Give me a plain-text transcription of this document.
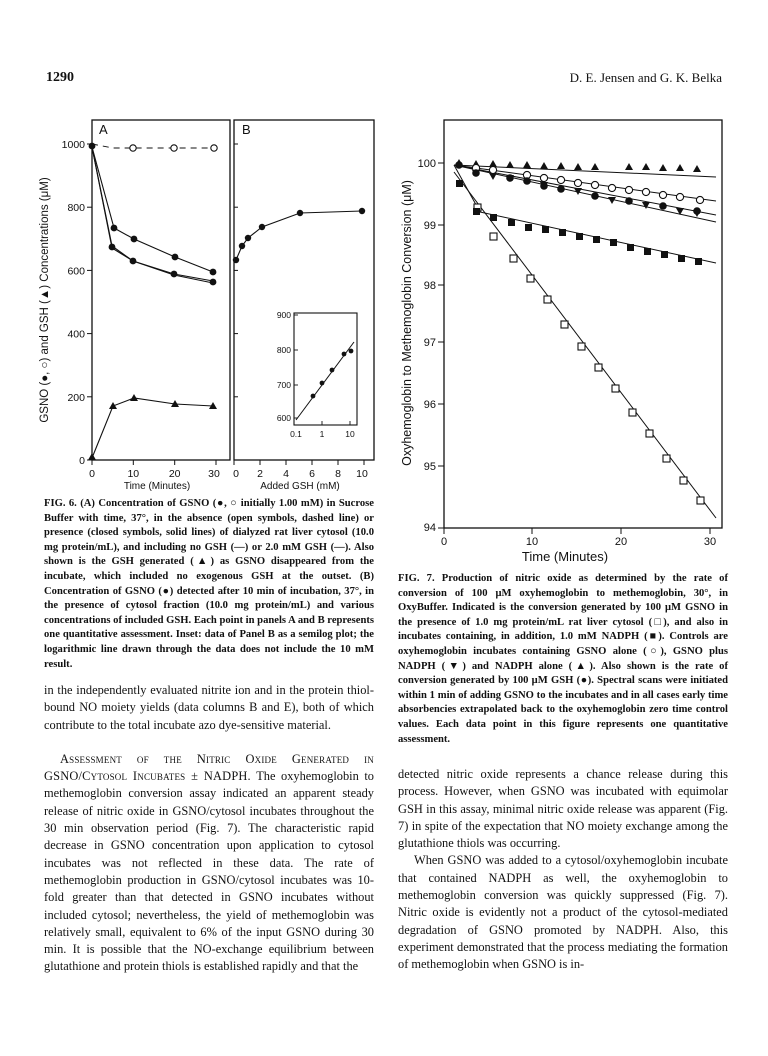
1290	D. E. Jensen and G. K. Belka
GSNO (●, ○) and GSH (▲) Concentrations (μM)
A
0
200
400
600
800
1000
0	10	20	30
Time (Minutes)
B
0 2 4 6 8 10
Added GSH (mM)
600
700
800
900
0.1 1 10
FIG. 6. (A) Concentration of GSNO (●, ○ initially 1.00 mM) in Sucrose Buffer with time, 37°, in the absence (open symbols, dashed line) or presence (closed symbols, solid lines) of dialyzed rat liver cytosol (10.0 mg protein/mL), and including no GSH (—) or 2.0 mM GSH (—). Also shown is the GSH generated (▲) as GSNO disappeared from the incubate, which included no exogenous GSH at the outset. (B) Concentration of GSNO (●) detected after 10 min of incubation, 37°, in the presence of cytosol fraction (10.0 mg protein/mL) and various concentrations of included GSH. Each point in panels A and B represents one quantitative assessment. Inset: data of Panel B as a semilog plot; the logarithmic line drawn through the data does not include the 10 mM result.
Oxyhemoglobin to Methemoglobin Conversion (μM)
94
95
96
97
98
99
100
0	10	20	30
Time (Minutes)
FIG. 7. Production of nitric oxide as determined by the rate of conversion of 100 μM oxyhemoglobin to methemoglobin, 30°, in OxyBuffer. Indicated is the conversion generated by 100 μM GSNO in the presence of 1.0 mg protein/mL rat liver cytosol (□), and also in incubates containing, in addition, 1.0 mM NADPH (■). Controls are oxyhemoglobin incubates containing GSNO alone (○), GSNO plus NADPH (▼) and NADPH alone (▲). Also shown is the rate of conversion generated by 100 μM GSH (●). Spectral scans were initiated within 1 min of adding GSNO to the incubates and in all cases early time absorbencies extrapolated back to the oxyhemoglobin zero time control values. Each data point in this figure represents one quantitative assessment.

in the independently evaluated nitrite ion and in the protein thiol-bound NO moiety yields (data columns B and E), both of which contribute to the total incubate azo dye-sensitive material.

Assessment of the Nitric Oxide Generated in GSNO/Cytosol Incubates ± NADPH. The oxyhemoglobin to methemoglobin conversion assay indicated an apparent steady release of nitric oxide in GSNO/cytosol incubates throughout the 30 min observation period (Fig. 7). The characteristic rapid decrease in GSNO concentration upon application to cytosol incubates was not reflected in these data. The rate of methemoglobin production in GSNO/cytosol incubates was 10-fold greater than that detected in GSNO incubates without included cytosol; nevertheless, the yield of methemoglobin was relatively small, equivalent to 6% of the input GSNO during 30 min. It is possible that the NO-exchange equilibrium between glutathione and protein thiols is established rapidly and that the

detected nitric oxide represents a chance release during this process. However, when GSNO was incubated with equimolar GSH in this assay, minimal nitric oxide release was apparent (Fig. 7) in spite of the expectation that NO moiety exchange among the glutathione thiols was occurring.

When GSNO was added to a cytosol/oxyhemoglobin incubate that contained NADPH as well, the oxyhemoglobin to methemoglobin conversion was quickly suppressed (Fig. 7). Nitric oxide is evidently not a product of the cytosol-mediated degradation of GSNO promoted by NADPH. Also, this experiment demonstrated that the process mediating the formation of methemoglobin when GSNO is in-
